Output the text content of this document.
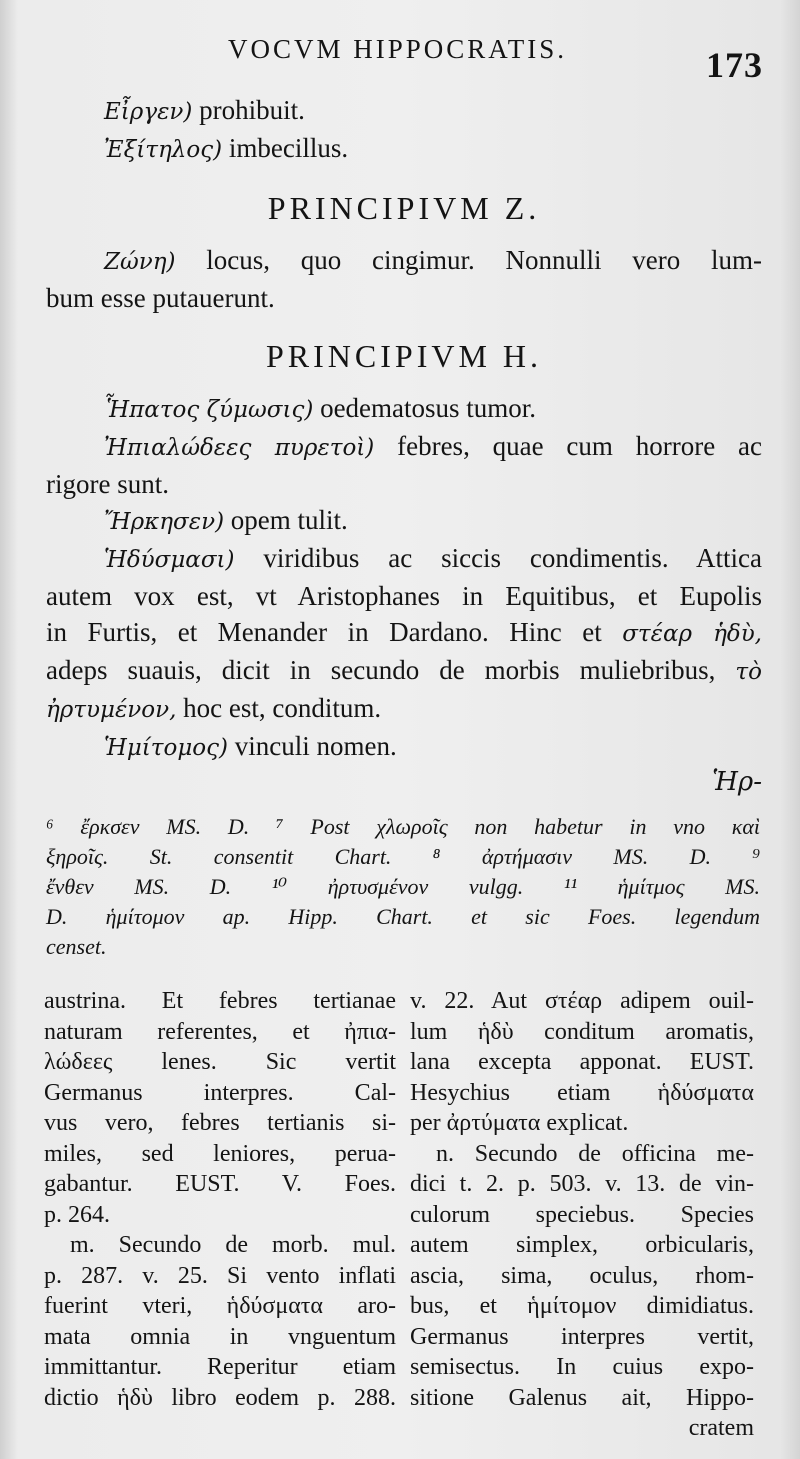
VOCVM HIPPOCRATIS.	173
Εἶργεν) prohibuit.
Ἐξίτηλος) imbecillus.
PRINCIPIVM Z.
Ζώνη) locus, quo cingimur. Nonnulli vero lum-
bum esse putauerunt.
PRINCIPIVM H.
Ἧπατος ζύμωσις) oedematosus tumor.
Ἠπιαλώδεες πυρετοὶ) febres, quae cum horrore ac
rigore sunt.
Ἤρκησεν) opem tulit.
Ἡδύσμασι) viridibus ac siccis condimentis. Attica
autem vox est, vt Aristophanes in Equitibus, et Eupolis
in Furtis, et Menander in Dardano. Hinc et στέαρ ἡδὺ,
adeps suauis, dicit in secundo de morbis muliebribus, τὸ
ἠρτυμένον, hoc est, conditum.
Ἡμίτομος) vinculi nomen.
Ἡρ-
⁶ ἔρκσεν MS. D. ⁷ Post χλωροῖς non habetur in vno καὶ
ξηροῖς. St. consentit Chart. ⁸ ἀρτήμασιν MS. D. ⁹
ἔνθεν MS. D. ¹⁰ ἠρτυσμένον vulgg. ¹¹ ἡμίτμος MS.
D. ἡμίτομον ap. Hipp. Chart. et sic Foes. legendum
censet.
austrina. Et febres tertianae
naturam referentes, et ἠπια-
λώδεες lenes. Sic vertit
Germanus interpres. Cal-
vus vero, febres tertianis si-
miles, sed leniores, perua-
gabantur. EUST. V. Foes.
p. 264.
m. Secundo de morb. mul.
p. 287. v. 25. Si vento inflati
fuerint vteri, ἡδύσματα aro-
mata omnia in vnguentum
immittantur. Reperitur etiam
dictio ἡδὺ libro eodem p. 288.
v. 22. Aut στέαρ adipem ouil-
lum ἡδὺ conditum aromatis,
lana excepta apponat. EUST.
Hesychius etiam ἡδύσματα
per ἀρτύματα explicat.
n. Secundo de officina me-
dici t. 2. p. 503. v. 13. de vin-
culorum speciebus. Species
autem simplex, orbicularis,
ascia, sima, oculus, rhom-
bus, et ἡμίτομον dimidiatus.
Germanus interpres vertit,
semisectus. In cuius expo-
sitione Galenus ait, Hippo-
cratem
